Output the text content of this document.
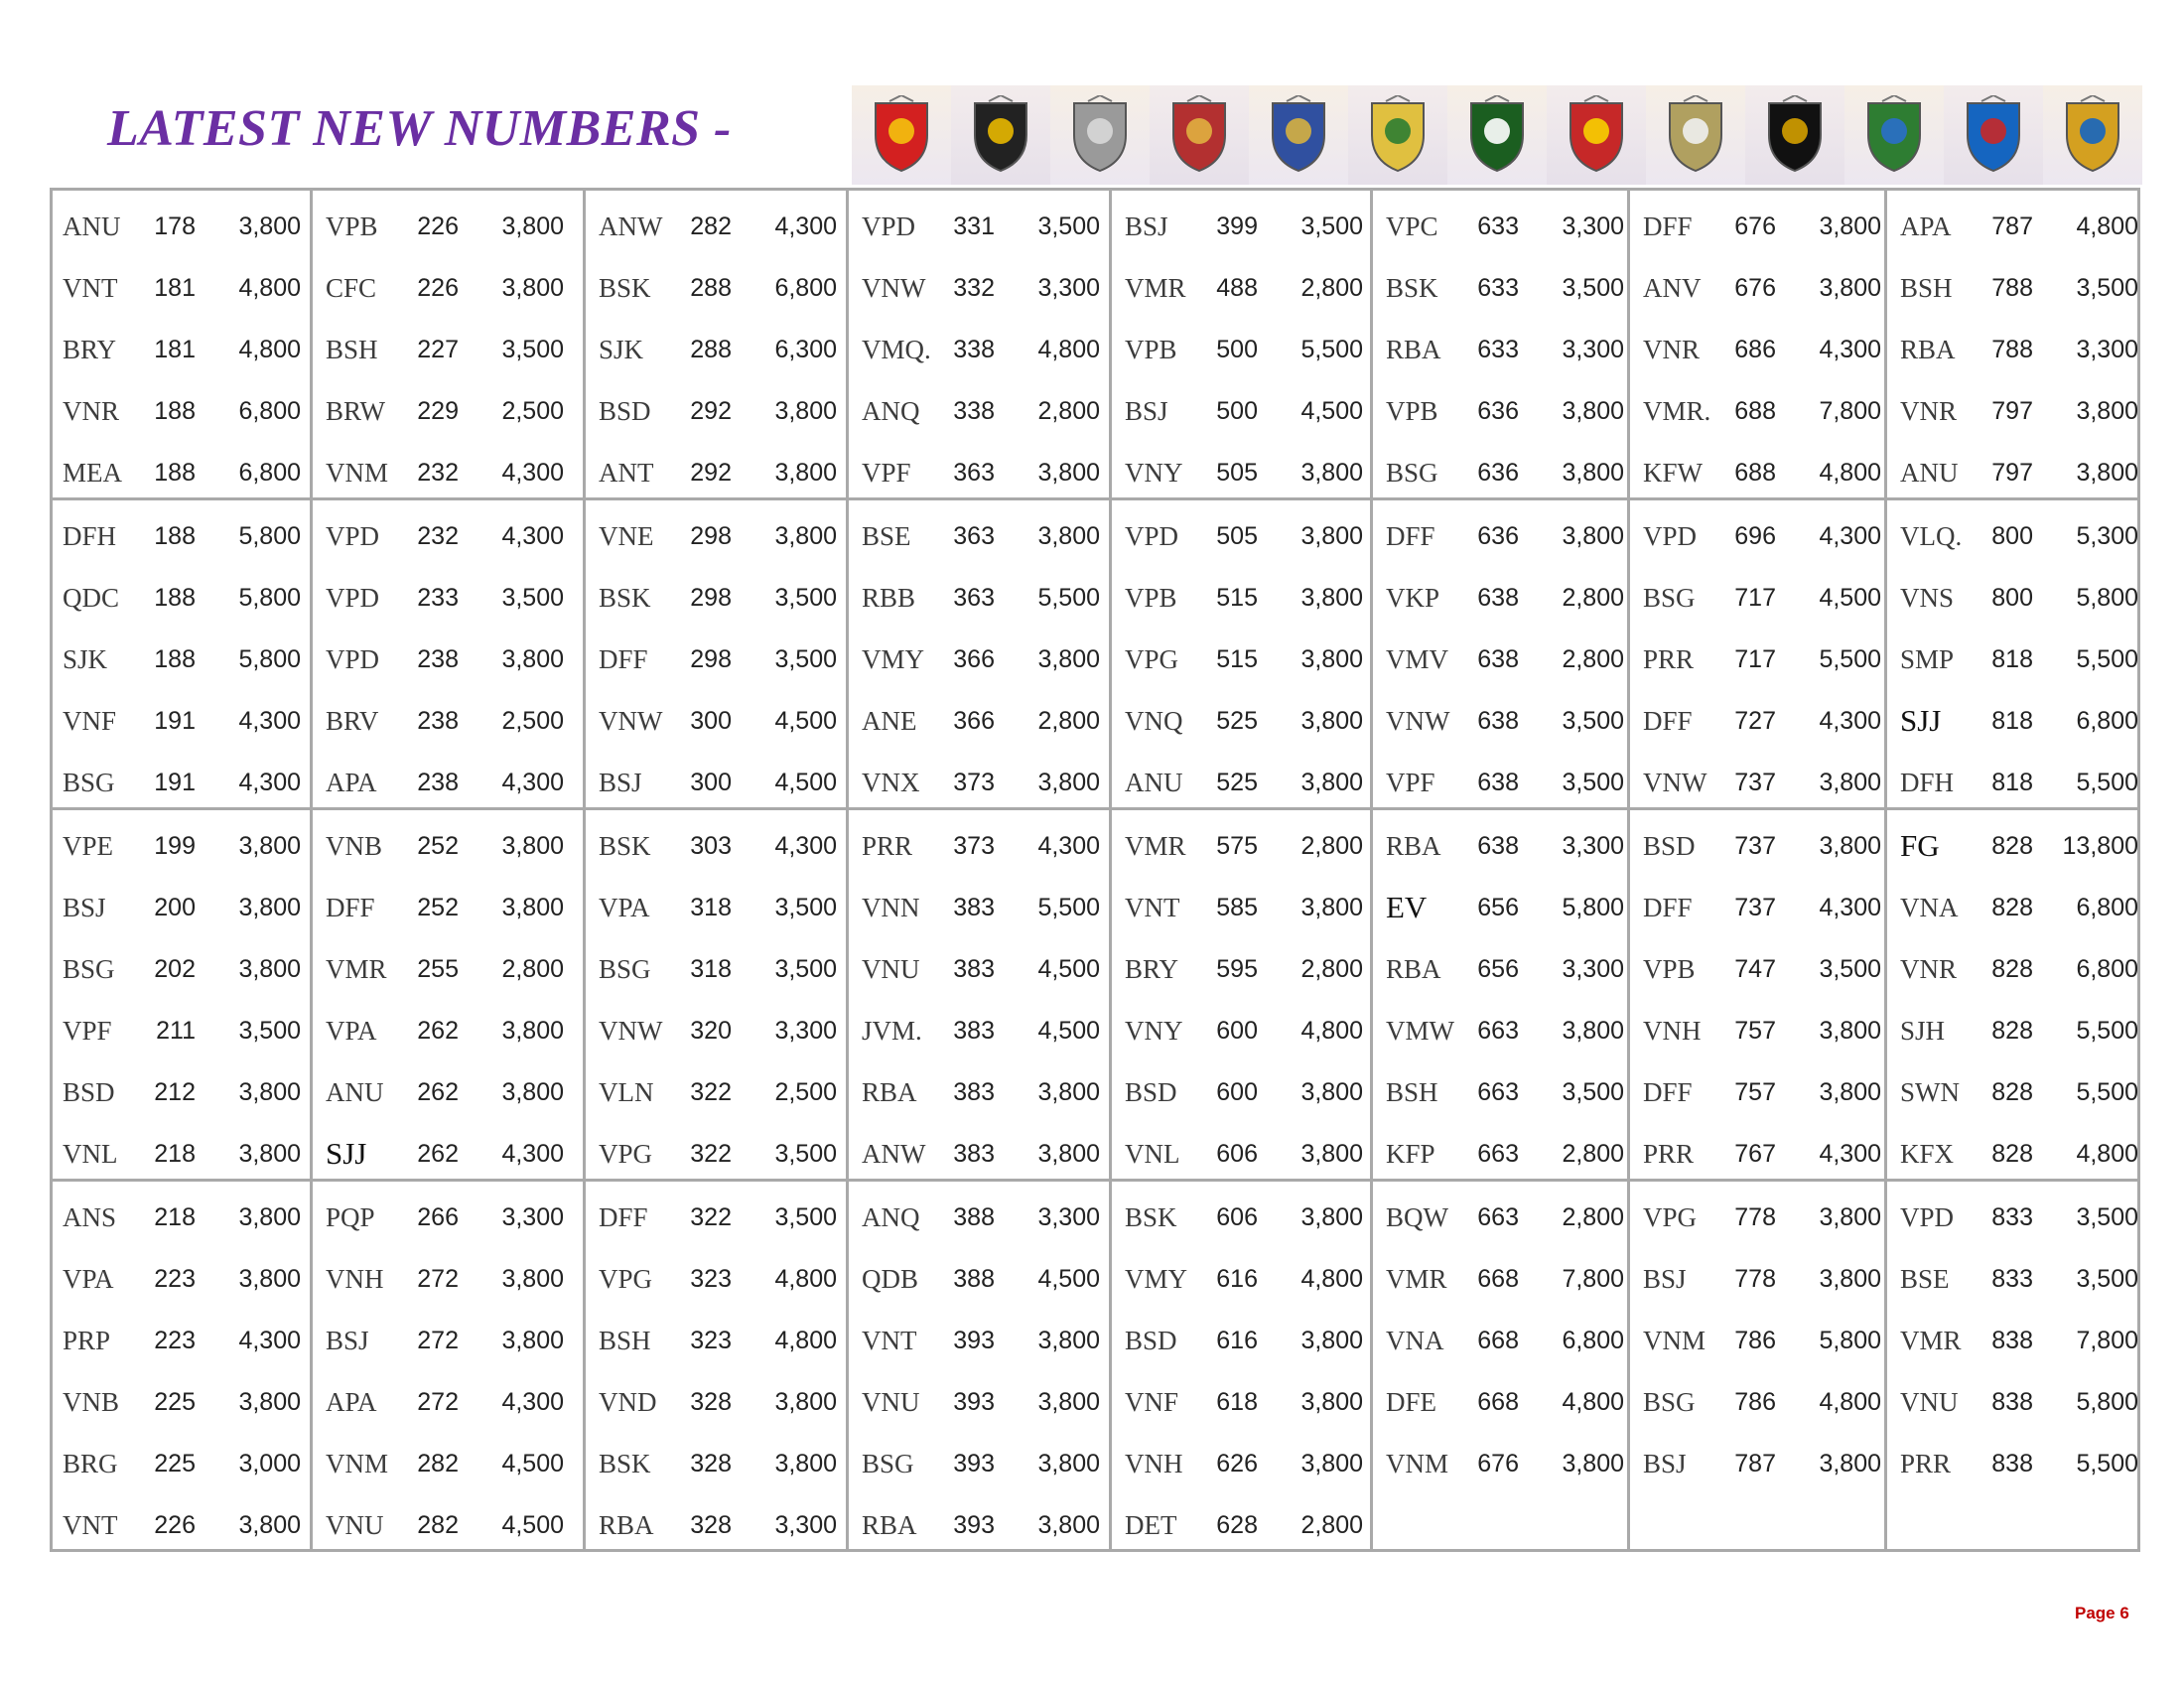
LATEST NEW NUMBERS -
ANU	178	3,800
VNT	181	4,800
BRY	181	4,800
VNR	188	6,800
MEA	188	6,800
DFH	188	5,800
QDC	188	5,800
SJK	188	5,800
VNF	191	4,300
BSG	191	4,300
VPE	199	3,800
BSJ	200	3,800
BSG	202	3,800
VPF	211	3,500
BSD	212	3,800
VNL	218	3,800
ANS	218	3,800
VPA	223	3,800
PRP	223	4,300
VNB	225	3,800
BRG	225	3,000
VNT	226	3,800
VPB	226	3,800
CFC	226	3,800
BSH	227	3,500
BRW	229	2,500
VNM	232	4,300
VPD	232	4,300
VPD	233	3,500
VPD	238	3,800
BRV	238	2,500
APA	238	4,300
VNB	252	3,800
DFF	252	3,800
VMR	255	2,800
VPA	262	3,800
ANU	262	3,800
SJJ	262	4,300
PQP	266	3,300
VNH	272	3,800
BSJ	272	3,800
APA	272	4,300
VNM	282	4,500
VNU	282	4,500
ANW	282	4,300
BSK	288	6,800
SJK	288	6,300
BSD	292	3,800
ANT	292	3,800
VNE	298	3,800
BSK	298	3,500
DFF	298	3,500
VNW	300	4,500
BSJ	300	4,500
BSK	303	4,300
VPA	318	3,500
BSG	318	3,500
VNW	320	3,300
VLN	322	2,500
VPG	322	3,500
DFF	322	3,500
VPG	323	4,800
BSH	323	4,800
VND	328	3,800
BSK	328	3,800
RBA	328	3,300
VPD	331	3,500
VNW	332	3,300
VMQ. 338	4,800
ANQ	338	2,800
VPF	363	3,800
BSE	363	3,800
RBB	363	5,500
VMY	366	3,800
ANE	366	2,800
VNX	373	3,800
PRR	373	4,300
VNN	383	5,500
VNU	383	4,500
JVM.	383	4,500
RBA	383	3,800
ANW	383	3,800
ANQ	388	3,300
QDB	388	4,500
VNT	393	3,800
VNU	393	3,800
BSG	393	3,800
RBA	393	3,800
BSJ	399	3,500
VMR	488	2,800
VPB	500	5,500
BSJ	500	4,500
VNY	505	3,800
VPD	505	3,800
VPB	515	3,800
VPG	515	3,800
VNQ	525	3,800
ANU	525	3,800
VMR	575	2,800
VNT	585	3,800
BRY	595	2,800
VNY	600	4,800
BSD	600	3,800
VNL	606	3,800
BSK	606	3,800
VMY	616	4,800
BSD	616	3,800
VNF	618	3,800
VNH	626	3,800
DET	628	2,800
VPC	633	3,300
BSK	633	3,500
RBA	633	3,300
VPB	636	3,800
BSG	636	3,800
DFF	636	3,800
VKP	638	2,800
VMV	638	2,800
VNW	638	3,500
VPF	638	3,500
RBA	638	3,300
EV	656	5,800
RBA	656	3,300
VMW 663	3,800
BSH	663	3,500
KFP	663	2,800
BQW	663	2,800
VMR	668	7,800
VNA	668	6,800
DFE	668	4,800
VNM	676	3,800
DFF	676	3,800
ANV	676	3,800
VNR	686	4,300
VMR. 688	7,800
KFW	688	4,800
VPD	696	4,300
BSG	717	4,500
PRR	717	5,500
DFF	727	4,300
VNW	737	3,800
BSD	737	3,800
DFF	737	4,300
VPB	747	3,500
VNH	757	3,800
DFF	757	3,800
PRR	767	4,300
VPG	778	3,800
BSJ	778	3,800
VNM	786	5,800
BSG	786	4,800
BSJ	787	3,800
APA	787	4,800
BSH	788	3,500
RBA	788	3,300
VNR	797	3,800
ANU	797	3,800
VLQ.	800	5,300
VNS	800	5,800
SMP	818	5,500
SJJ	818	6,800
DFH	818	5,500
FG	828	13,800
VNA	828	6,800
VNR	828	6,800
SJH	828	5,500
SWN	828	5,500
KFX	828	4,800
VPD	833	3,500
BSE	833	3,500
VMR	838	7,800
VNU	838	5,800
PRR	838	5,500
Page 6
